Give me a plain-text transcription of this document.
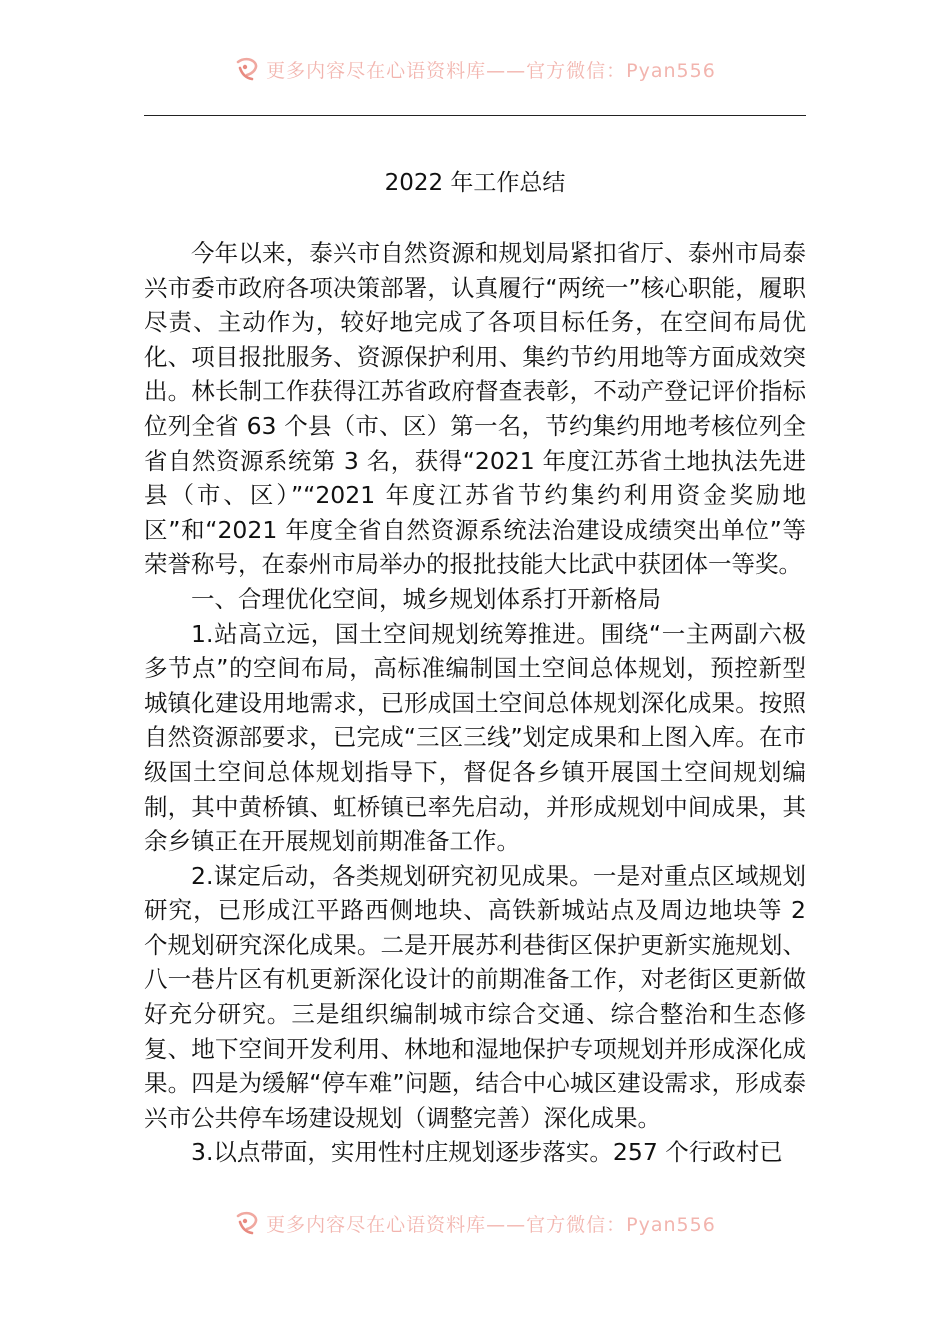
更多内容尽在心语资料库——官方微信：Pyan556
2022 年工作总结

今年以来，泰兴市自然资源和规划局紧扣省厅、泰州市局泰兴市委市政府各项决策部署，认真履行“两统一”核心职能，履职尽责、主动作为，较好地完成了各项目标任务，在空间布局优化、项目报批服务、资源保护利用、集约节约用地等方面成效突出。林长制工作获得江苏省政府督查表彰，不动产登记评价指标位列全省 63 个县（市、区）第一名，节约集约用地考核位列全省自然资源系统第 3 名，获得“2021 年度江苏省土地执法先进县（市、区）”“2021 年度江苏省节约集约利用资金奖励地区”和“2021 年度全省自然资源系统法治建设成绩突出单位”等荣誉称号，在泰州市局举办的报批技能大比武中获团体一等奖。

一、合理优化空间，城乡规划体系打开新格局

1.站高立远，国土空间规划统筹推进。围绕“一主两副六极多节点”的空间布局，高标准编制国土空间总体规划，预控新型城镇化建设用地需求，已形成国土空间总体规划深化成果。按照自然资源部要求，已完成“三区三线”划定成果和上图入库。在市级国土空间总体规划指导下，督促各乡镇开展国土空间规划编制，其中黄桥镇、虹桥镇已率先启动，并形成规划中间成果，其余乡镇正在开展规划前期准备工作。

2.谋定后动，各类规划研究初见成果。一是对重点区域规划研究，已形成江平路西侧地块、高铁新城站点及周边地块等 2 个规划研究深化成果。二是开展苏利巷街区保护更新实施规划、八一巷片区有机更新深化设计的前期准备工作，对老街区更新做好充分研究。三是组织编制城市综合交通、综合整治和生态修复、地下空间开发利用、林地和湿地保护专项规划并形成深化成果。四是为缓解“停车难”问题，结合中心城区建设需求，形成泰兴市公共停车场建设规划（调整完善）深化成果。

3.以点带面，实用性村庄规划逐步落实。257 个行政村已

更多内容尽在心语资料库——官方微信：Pyan556
